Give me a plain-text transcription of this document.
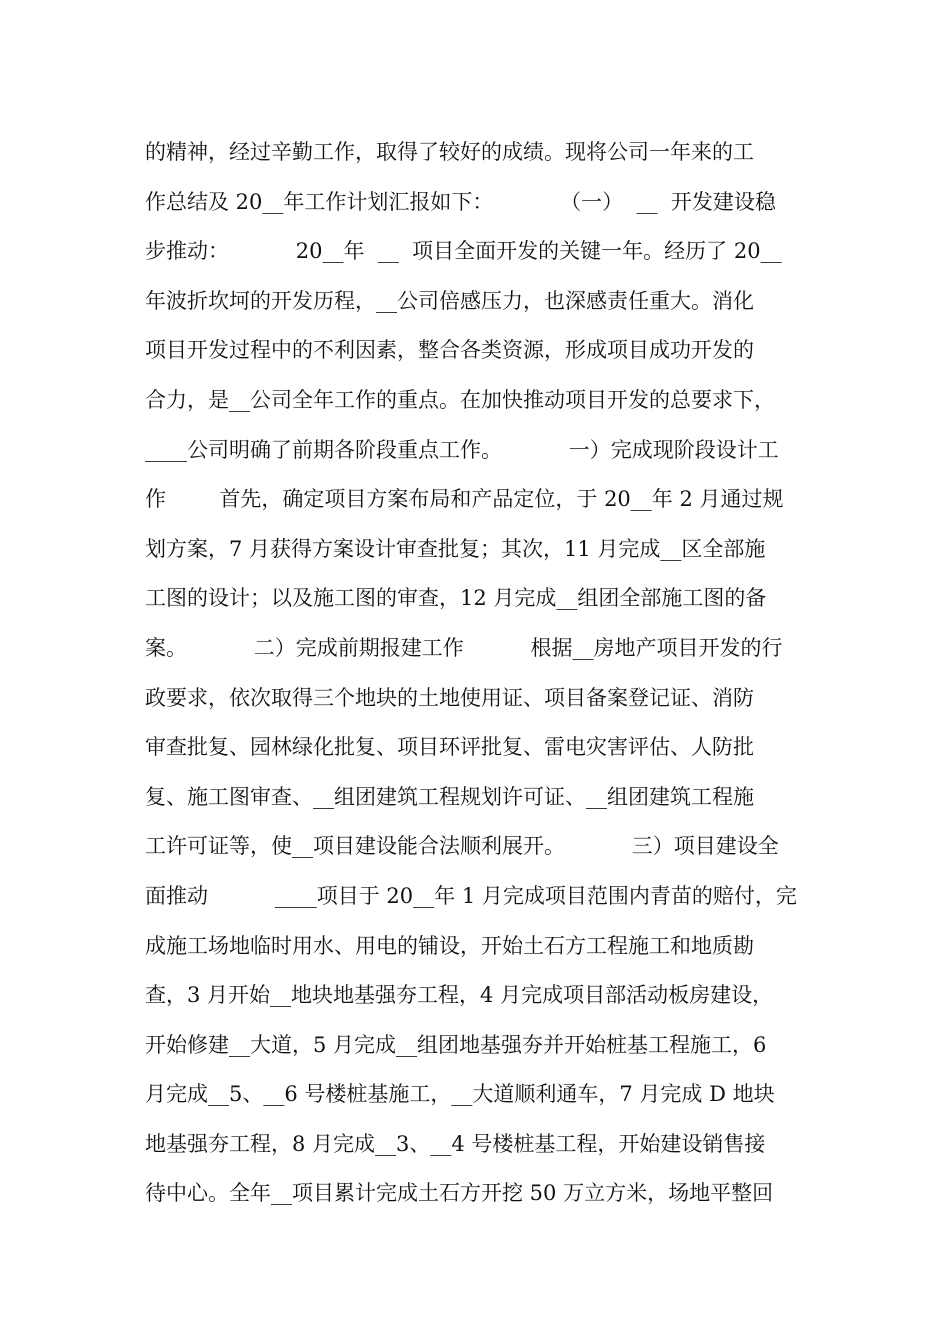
的精神，经过辛勤工作，取得了较好的成绩。现将公司一年来的工
作总结及 20__年工作计划汇报如下：          （一）  __  开发建设稳
步推动：          20__年  __  项目全面开发的关键一年。经历了 20__
年波折坎坷的开发历程，__公司倍感压力，也深感责任重大。消化
项目开发过程中的不利因素，整合各类资源，形成项目成功开发的
合力，是__公司全年工作的重点。在加快推动项目开发的总要求下，
____公司明确了前期各阶段重点工作。          一）完成现阶段设计工
作        首先，确定项目方案布局和产品定位，于 20__年 2 月通过规
划方案，7 月获得方案设计审查批复；其次，11 月完成__区全部施
工图的设计；以及施工图的审查，12 月完成__组团全部施工图的备
案。          二）完成前期报建工作          根据__房地产项目开发的行
政要求，依次取得三个地块的土地使用证、项目备案登记证、消防
审查批复、园林绿化批复、项目环评批复、雷电灾害评估、人防批
复、施工图审查、__组团建筑工程规划许可证、__组团建筑工程施
工许可证等，使__项目建设能合法顺利展开。          三）项目建设全
面推动          ____项目于 20__年 1 月完成项目范围内青苗的赔付，完
成施工场地临时用水、用电的铺设，开始土石方工程施工和地质勘
查，3 月开始__地块地基强夯工程，4 月完成项目部活动板房建设，
开始修建__大道，5 月完成__组团地基强夯并开始桩基工程施工，6
月完成__5、__6 号楼桩基施工，__大道顺利通车，7 月完成 D 地块
地基强夯工程，8 月完成__3、__4 号楼桩基工程，开始建设销售接
待中心。全年__项目累计完成土石方开挖 50 万立方米，场地平整回
